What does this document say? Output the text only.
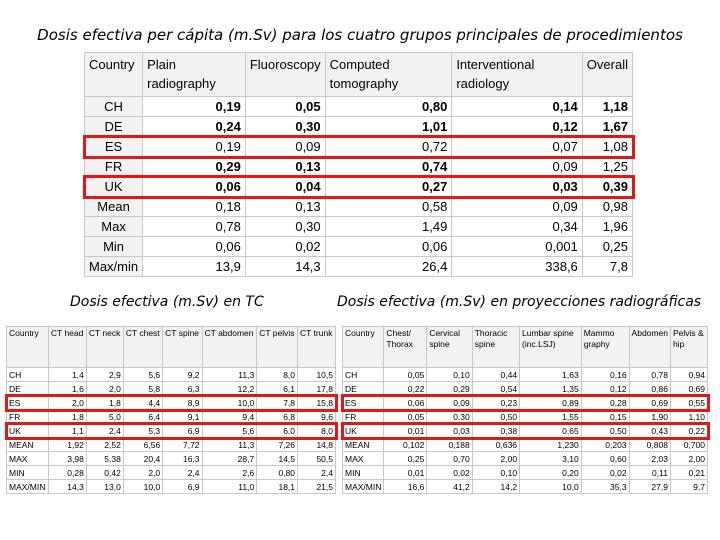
Dosis efectiva per cápita (m.Sv) para los cuatro grupos principales de procedimientos
Country	Plain radiography	Fluoroscopy	Computed tomography	Interventional radiology	Overall
CH	0,19	0,05	0,80	0,14	1,18
DE	0,24	0,30	1,01	0,12	1,67
ES	0,19	0,09	0,72	0,07	1,08
FR	0,29	0,13	0,74	0,09	1,25
UK	0,06	0,04	0,27	0,03	0,39
Mean	0,18	0,13	0,58	0,09	0,98
Max	0,78	0,30	1,49	0,34	1,96
Min	0,06	0,02	0,06	0,001	0,25
Max/min	13,9	14,3	26,4	338,6	7,8
Dosis efectiva (m.Sv) en TC	Dosis efectiva (m.Sv) en proyecciones radiográficas
Country	CT head	CT neck	CT chest	CT spine	CT abdomen	CT pelvis	CT trunk
CH	1,4	2,9	5,6	9,2	11,3	8,0	10,5
DE	1,6	2,0	5,8	6,3	12,2	6,1	17,8
ES	2,0	1,8	4,4	8,9	10,0	7,8	15,8
FR	1,8	5,0	6,4	9,1	9,4	6,8	9,6
UK	1,1	2,4	5,3	6,9	5,6	6,0	8,0
MEAN	1,92	2,52	6,56	7,72	11,3	7,26	14,8
MAX	3,98	5,38	20,4	16,3	28,7	14,5	50,5
MIN	0,28	0,42	2,0	2,4	2,6	0,80	2,4
MAX/MIN	14,3	13,0	10,0	6,9	11,0	18,1	21,5
Country	Chest/ Thorax	Cervical spine	Thoracic spine	Lumbar spine (inc.LSJ)	Mammo graphy	Abdomen	Pelvis & hip
CH	0,05	0,10	0,44	1,63	0,16	0,78	0,94
DE	0,22	0,29	0,54	1,35	0,12	0,86	0,69
ES	0,06	0,09	0,23	0,89	0,28	0,69	0,55
FR	0,05	0,30	0,50	1,55	0,15	1,90	1,10
UK	0,01	0,03	0,38	0,65	0,50	0,43	0,22
MEAN	0,102	0,188	0,636	1,230	0,203	0,808	0,700
MAX	0,25	0,70	2,00	3,10	0,60	2,03	2,00
MIN	0,01	0,02	0,10	0,20	0,02	0,11	0,21
MAX/MIN	16,6	41,2	14,2	10,0	35,3	27,9	9,7
